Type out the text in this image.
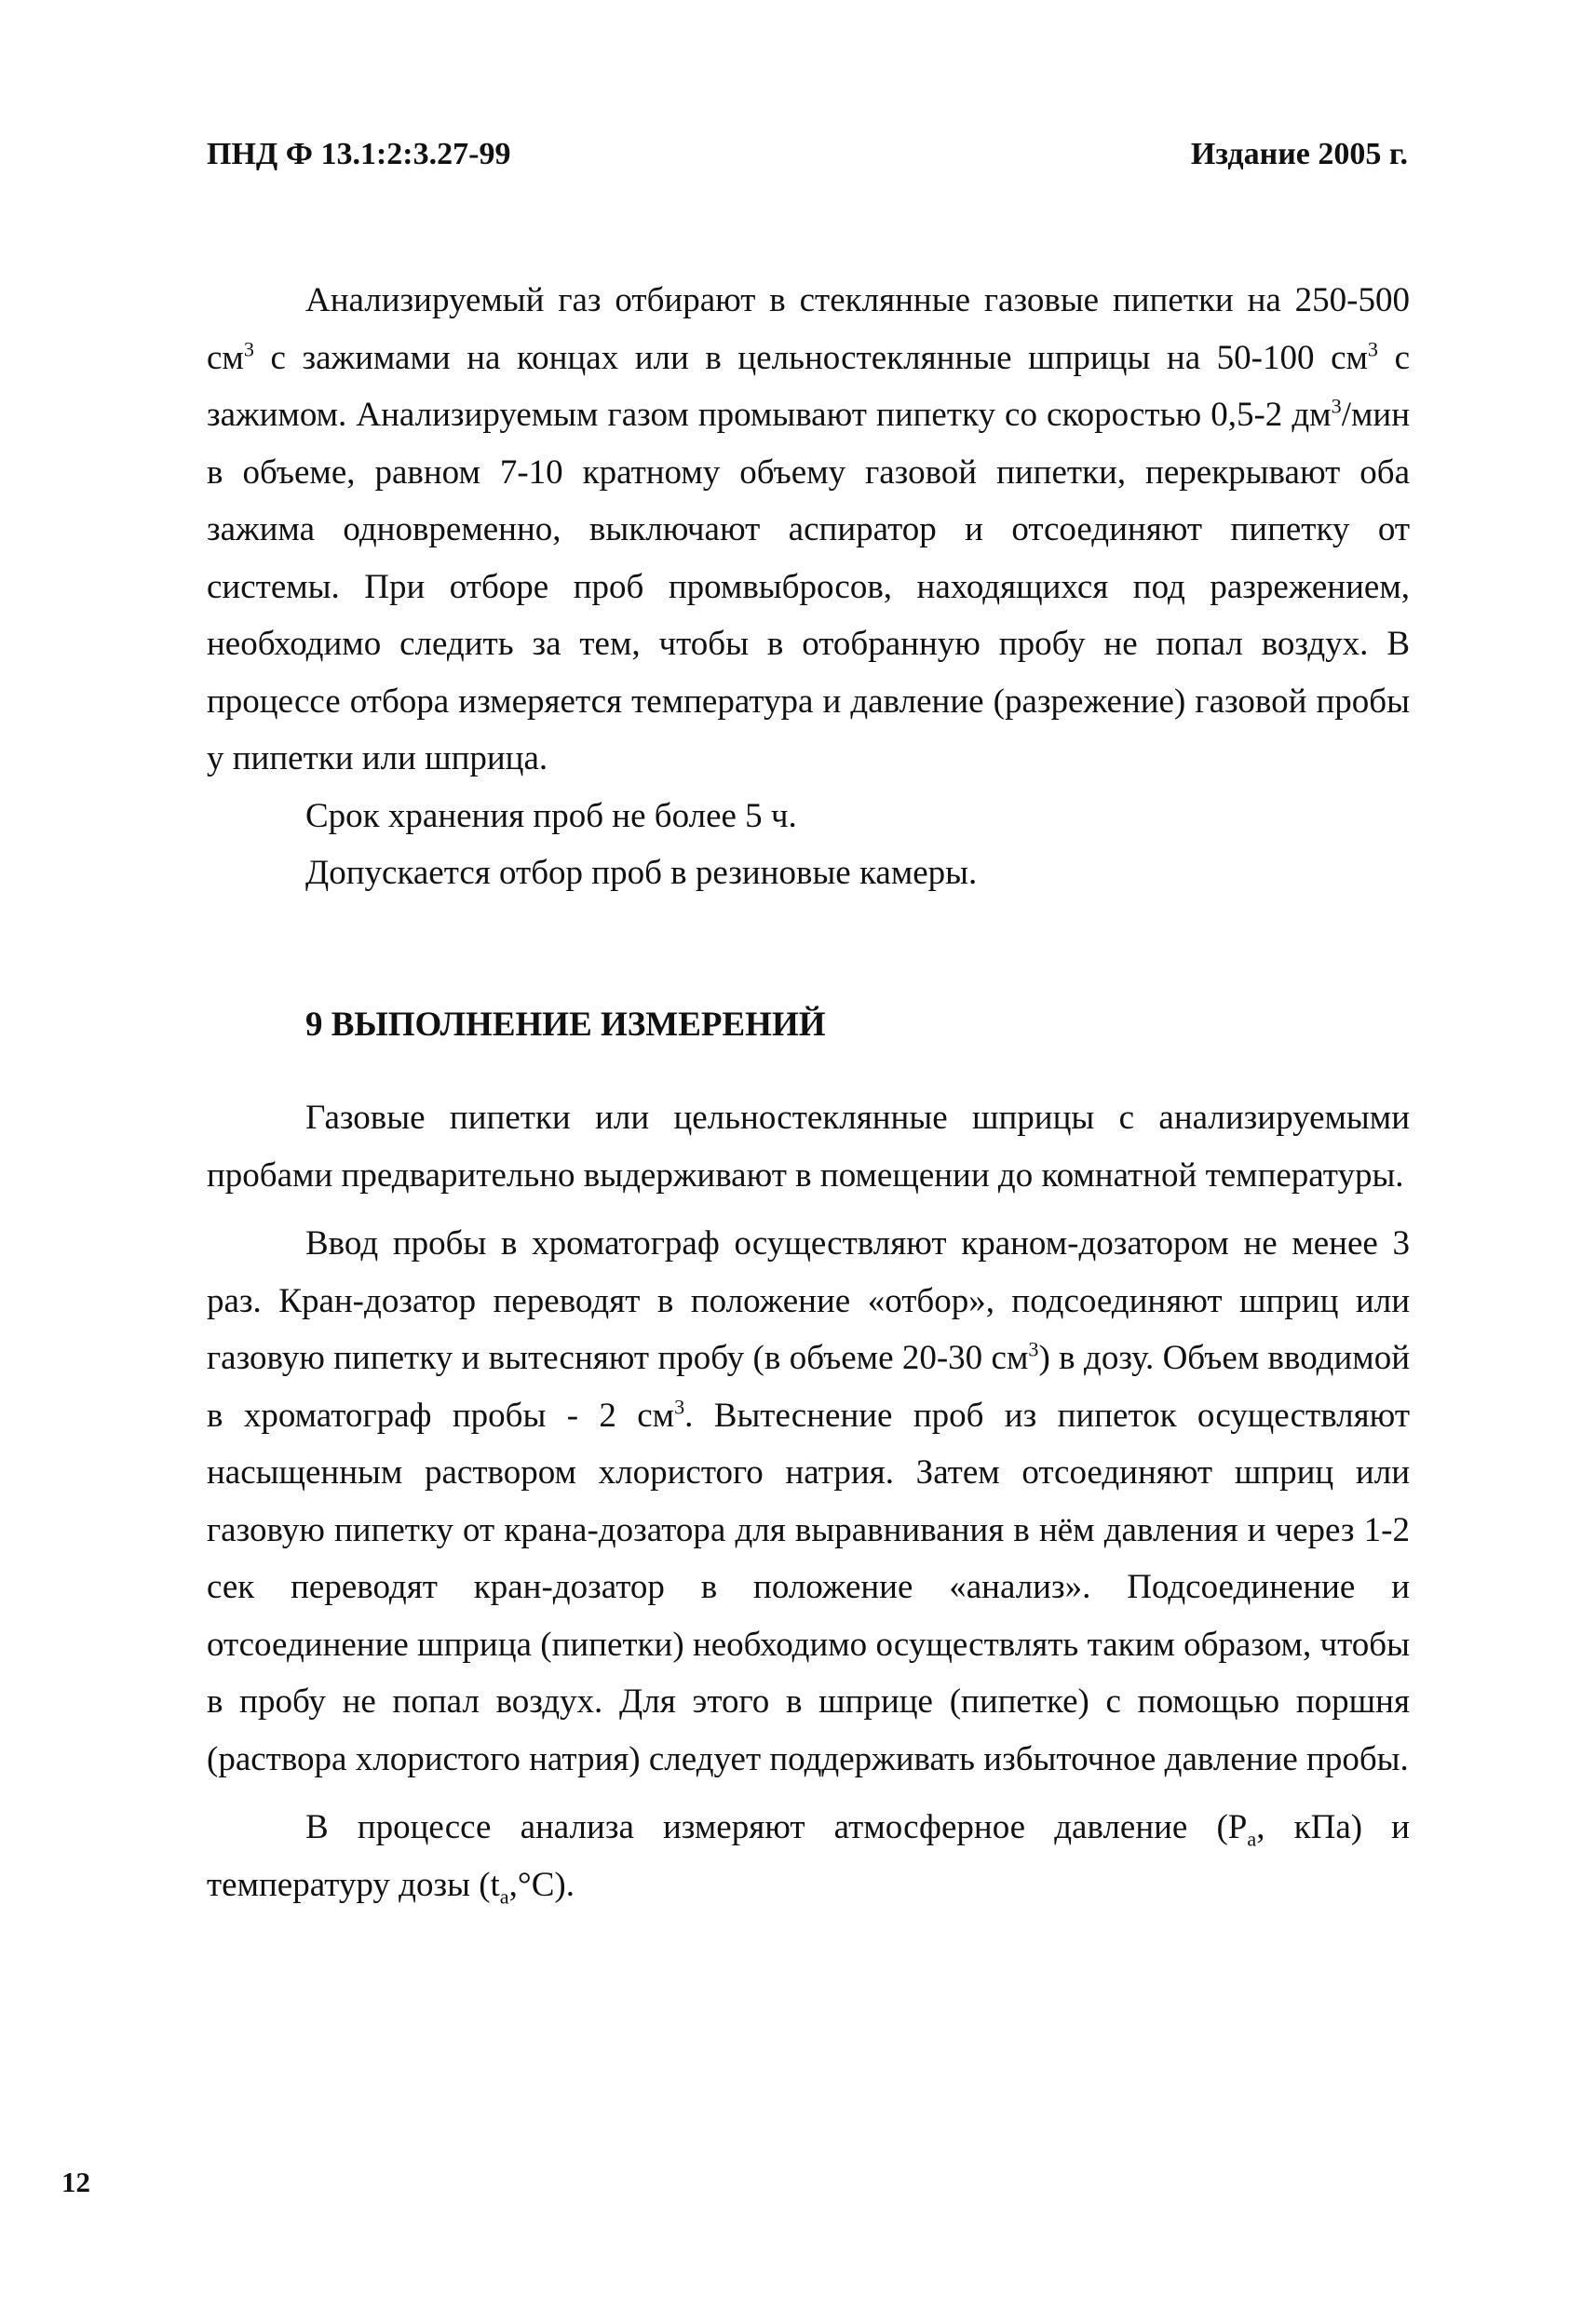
ПНД Ф 13.1:2:3.27-99	Издание 2005 г.

Анализируемый газ отбирают в стеклянные газовые пипетки на 250-500 $см^3$ с зажимами на концах или в цельностеклянные шприцы на 50-100 $см^3$ с зажимом. Анализируемым газом промывают пипетку со скоростью 0,5-2 $дм^3$/мин в объеме, равном 7-10 кратному объему газовой пипетки, перекрывают оба зажима одновременно, выключают аспиратор и отсоединяют пипетку от системы. При отборе проб промвыбросов, находящихся под разрежением, необходимо следить за тем, чтобы в отобранную пробу не попал воздух. В процессе отбора измеряется температура и давление (разрежение) газовой пробы у пипетки или шприца.

Срок хранения проб не более 5 ч.

Допускается отбор проб в резиновые камеры.

9 ВЫПОЛНЕНИЕ ИЗМЕРЕНИЙ

Газовые пипетки или цельностеклянные шприцы с анализируемыми пробами предварительно выдерживают в помещении до комнатной температуры.

Ввод пробы в хроматограф осуществляют краном-дозатором не менее 3 раз. Кран-дозатор переводят в положение «отбор», подсоединяют шприц или газовую пипетку и вытесняют пробу (в объеме 20-30 $см^3$) в дозу. Объем вводимой в хроматограф пробы - 2 $см^3$. Вытеснение проб из пипеток осуществляют насыщенным раствором хлористого натрия. Затем отсоединяют шприц или газовую пипетку от крана-дозатора для выравнивания в нём давления и через 1-2 сек переводят кран-дозатор в положение «анализ». Подсоединение и отсоединение шприца (пипетки) необходимо осуществлять таким образом, чтобы в пробу не попал воздух. Для этого в шприце (пипетке) с помощью поршня (раствора хлористого натрия) следует поддерживать избыточное давление пробы.

В процессе анализа измеряют атмосферное давление ($Р_a$, кПа) и температуру дозы $(t_a,^\circ С)$.

12
